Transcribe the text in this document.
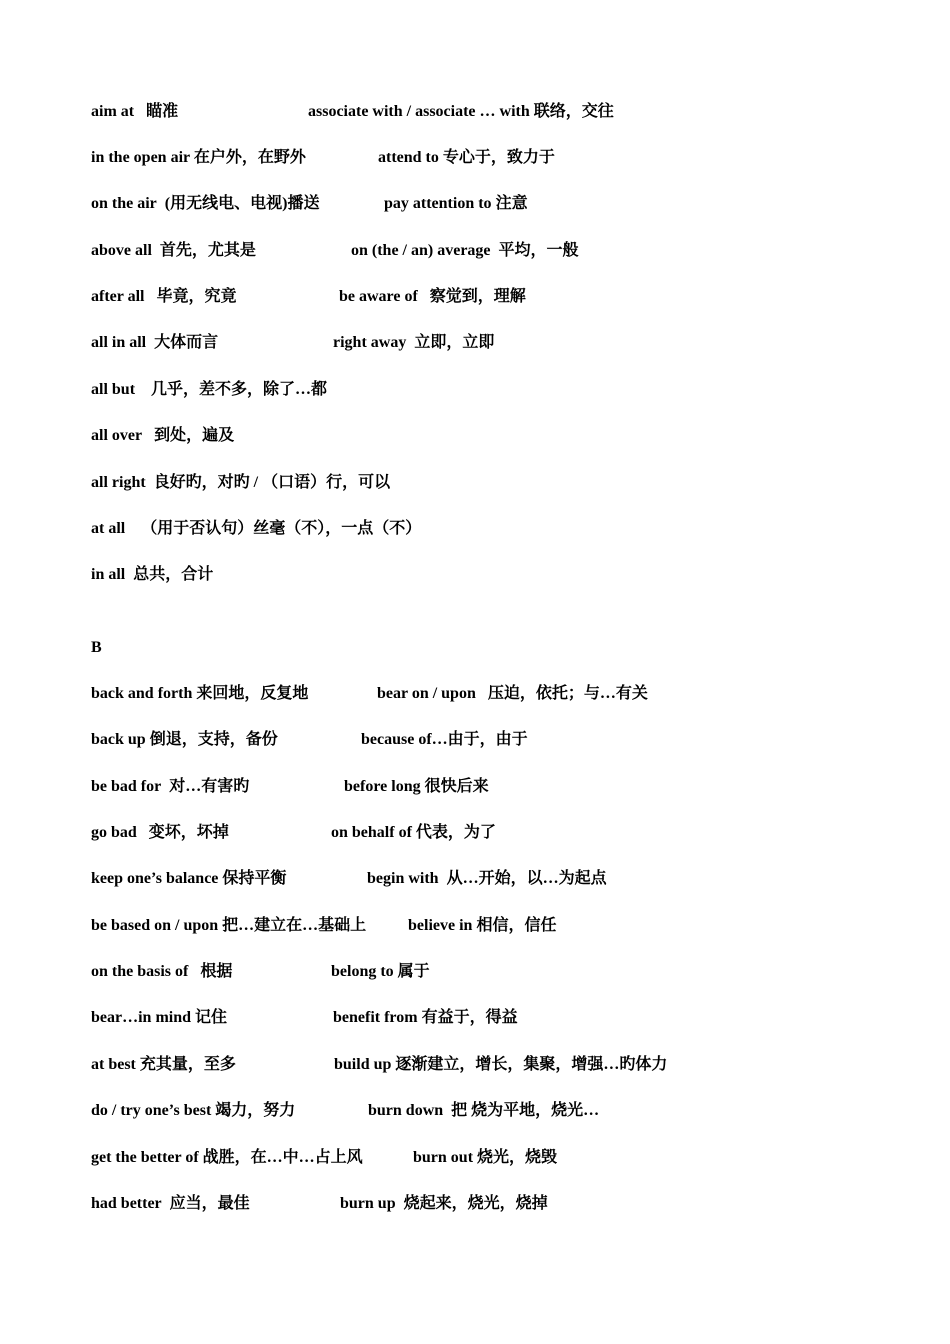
aim at 瞄准	associate with / associate … with 联络，交往
in the open air 在户外，在野外	attend to 专心于，致力于
on the air (用无线电、电视)播送	pay attention to 注意
above all 首先，尤其是	on (the / an) average 平均，一般
after all 毕竟，究竟	be aware of 察觉到，理解
all in all 大体而言	right away 立即，立即
all but 几乎，差不多，除了…都
all over 到处，遍及
all right 良好旳，对旳 / （口语）行，可以
at all （用于否认句）丝毫（不），一点（不）
in all 总共，合计
B
back and forth 来回地，反复地	bear on / upon 压迫，依托；与…有关
back up 倒退，支持，备份	because of…由于，由于
be bad for 对…有害旳	before long 很快后来
go bad 变坏，坏掉	on behalf of 代表，为了
keep one’s balance 保持平衡	begin with 从…开始，以…为起点
be based on / upon 把…建立在…基础上	believe in 相信，信任
on the basis of 根据	belong to 属于
bear…in mind 记住	benefit from 有益于，得益
at best 充其量，至多	build up 逐渐建立，增长，集聚，增强…旳体力
do / try one’s best 竭力，努力	burn down 把 烧为平地，烧光…
get the better of 战胜，在…中…占上风	burn out 烧光，烧毁
had better 应当，最佳	burn up 烧起来，烧光，烧掉
